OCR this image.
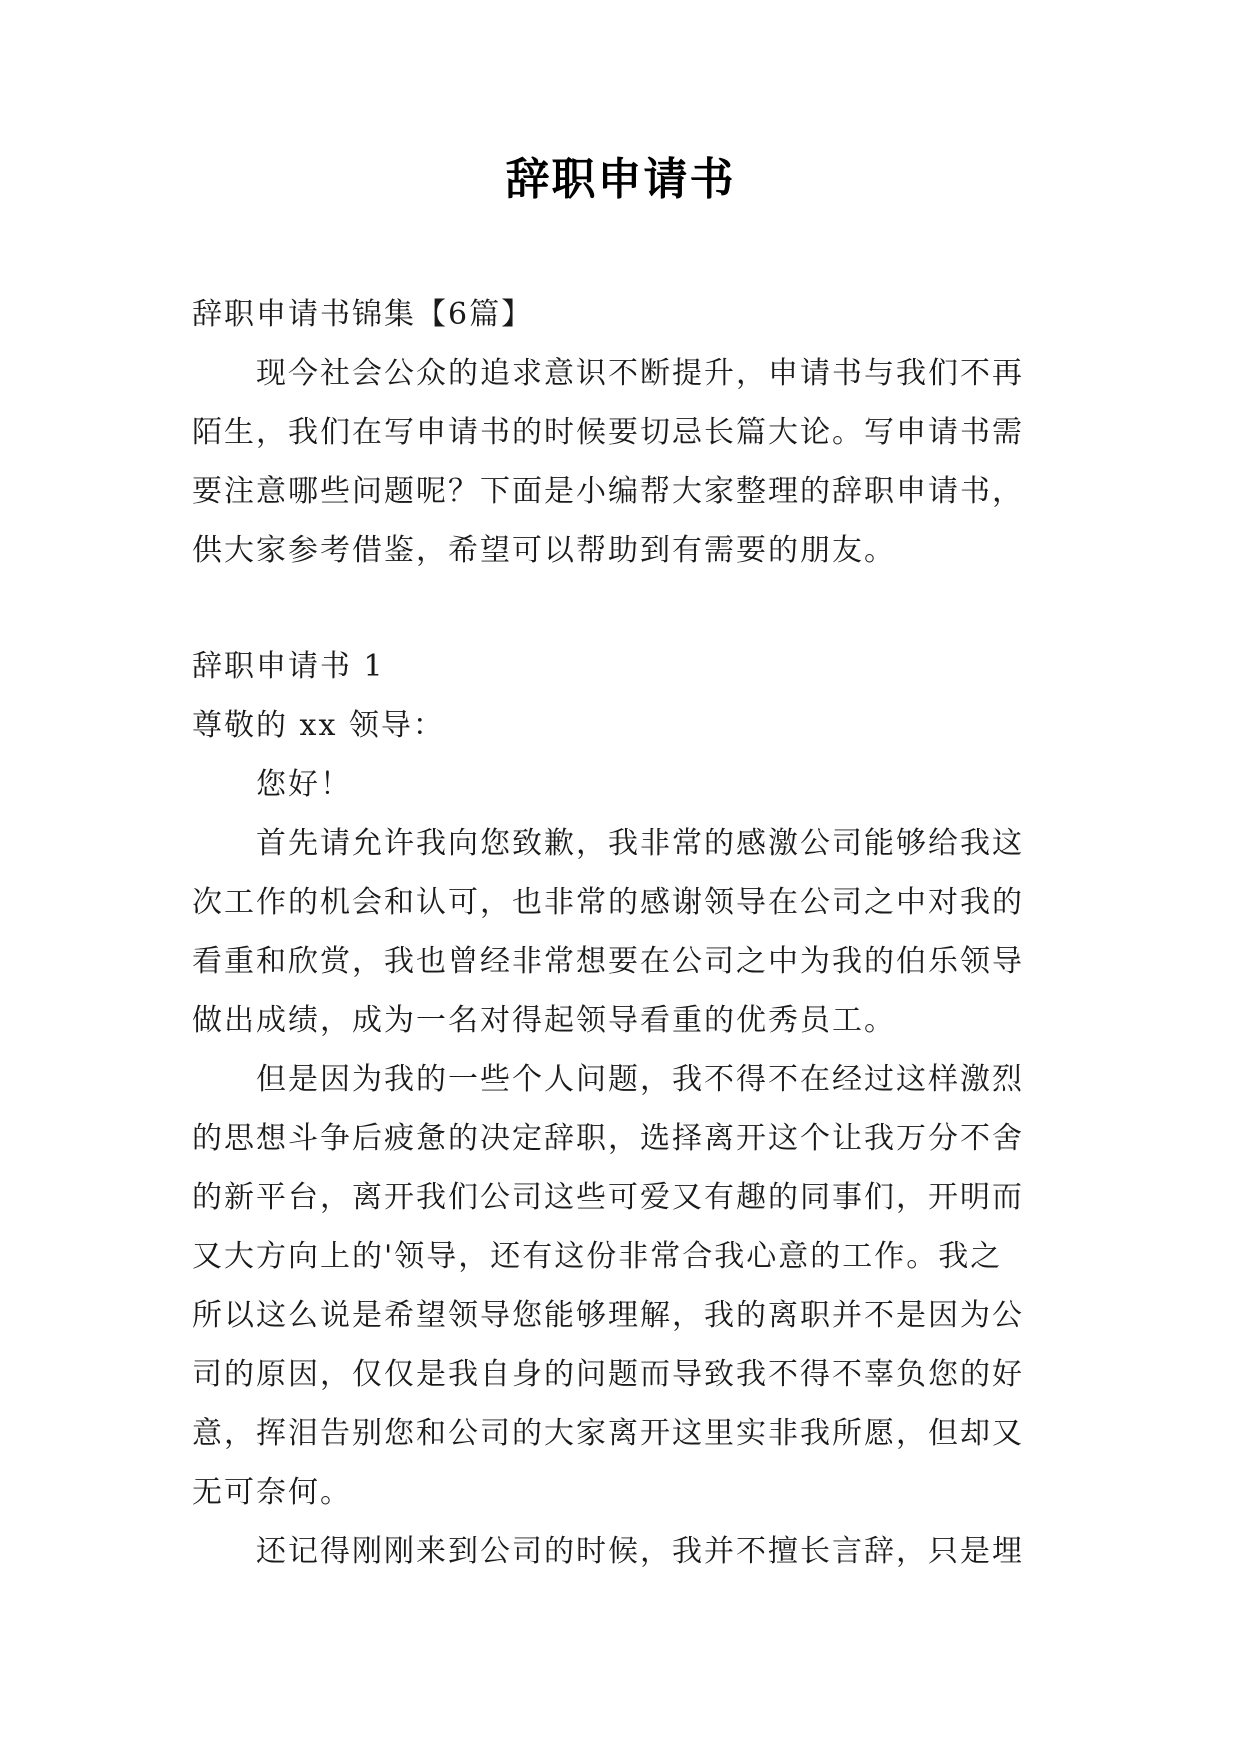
辞职申请书
辞职申请书锦集【6篇】
现今社会公众的追求意识不断提升，申请书与我们不再
陌生，我们在写申请书的时候要切忌长篇大论。写申请书需
要注意哪些问题呢？下面是小编帮大家整理的辞职申请书，
供大家参考借鉴，希望可以帮助到有需要的朋友。
辞职申请书 1
尊敬的 xx 领导：
您好！
首先请允许我向您致歉，我非常的感激公司能够给我这
次工作的机会和认可，也非常的感谢领导在公司之中对我的
看重和欣赏，我也曾经非常想要在公司之中为我的伯乐领导
做出成绩，成为一名对得起领导看重的优秀员工。
但是因为我的一些个人问题，我不得不在经过这样激烈
的思想斗争后疲惫的决定辞职，选择离开这个让我万分不舍
的新平台，离开我们公司这些可爱又有趣的同事们，开明而
又大方向上的'领导，还有这份非常合我心意的工作。我之
所以这么说是希望领导您能够理解，我的离职并不是因为公
司的原因，仅仅是我自身的问题而导致我不得不辜负您的好
意，挥泪告别您和公司的大家离开这里实非我所愿，但却又
无可奈何。
还记得刚刚来到公司的时候，我并不擅长言辞，只是埋
